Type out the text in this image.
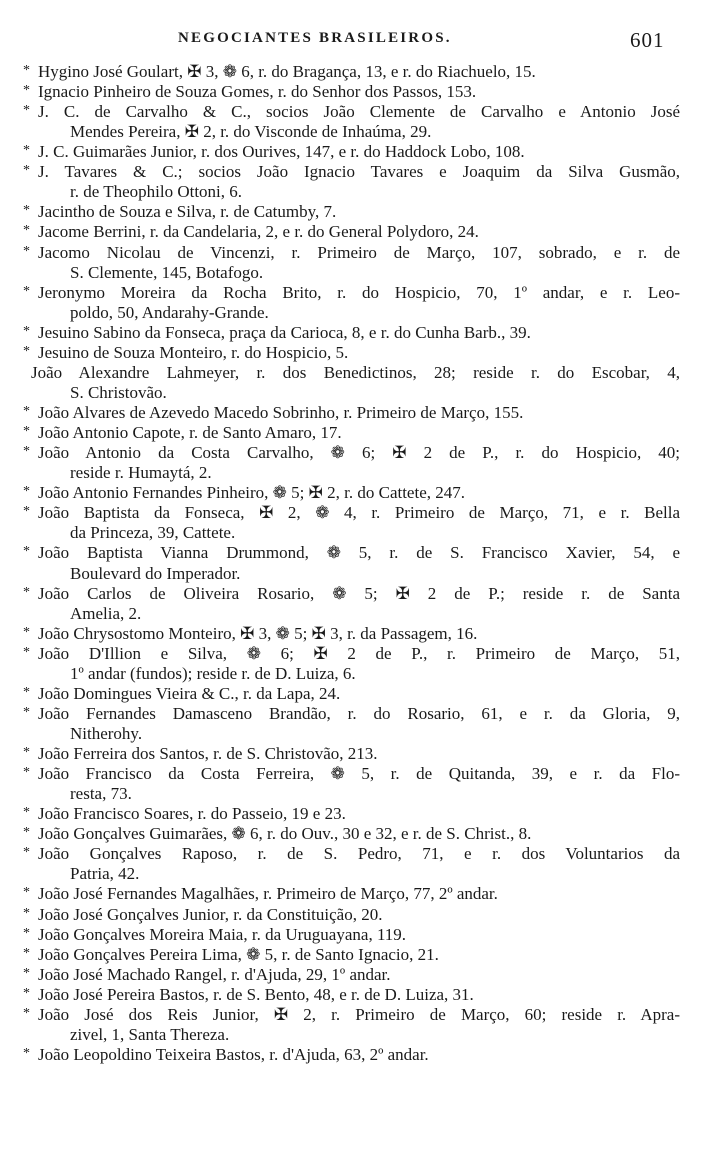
NEGOCIANTES BRASILEIROS.	601
* Hygino José Goulart, ✠ 3, ❁ 6, r. do Bragança, 13, e r. do Riachuelo, 15.
* Ignacio Pinheiro de Souza Gomes, r. do Senhor dos Passos, 153.
* J. C. de Carvalho & C., socios João Clemente de Carvalho e Antonio José
Mendes Pereira, ✠ 2, r. do Visconde de Inhaúma, 29.
* J. C. Guimarães Junior, r. dos Ourives, 147, e r. do Haddock Lobo, 108.
* J. Tavares & C.; socios João Ignacio Tavares e Joaquim da Silva Gusmão,
r. de Theophilo Ottoni, 6.
* Jacintho de Souza e Silva, r. de Catumby, 7.
* Jacome Berrini, r. da Candelaria, 2, e r. do General Polydoro, 24.
* Jacomo Nicolau de Vincenzi, r. Primeiro de Março, 107, sobrado, e r. de
S. Clemente, 145, Botafogo.
* Jeronymo Moreira da Rocha Brito, r. do Hospicio, 70, 1º andar, e r. Leo-
poldo, 50, Andarahy-Grande.
* Jesuino Sabino da Fonseca, praça da Carioca, 8, e r. do Cunha Barb., 39.
* Jesuino de Souza Monteiro, r. do Hospicio, 5.
João Alexandre Lahmeyer, r. dos Benedictinos, 28; reside r. do Escobar, 4,
S. Christovão.
* João Alvares de Azevedo Macedo Sobrinho, r. Primeiro de Março, 155.
* João Antonio Capote, r. de Santo Amaro, 17.
* João Antonio da Costa Carvalho, ❁ 6; ✠ 2 de P., r. do Hospicio, 40;
reside r. Humaytá, 2.
* João Antonio Fernandes Pinheiro, ❁ 5; ✠ 2, r. do Cattete, 247.
* João Baptista da Fonseca, ✠ 2, ❁ 4, r. Primeiro de Março, 71, e r. Bella
da Princeza, 39, Cattete.
* João Baptista Vianna Drummond, ❁ 5, r. de S. Francisco Xavier, 54, e
Boulevard do Imperador.
* João Carlos de Oliveira Rosario, ❁ 5; ✠ 2 de P.; reside r. de Santa
Amelia, 2.
* João Chrysostomo Monteiro, ✠ 3, ❁ 5; ✠ 3, r. da Passagem, 16.
* João D'Illion e Silva, ❁ 6; ✠ 2 de P., r. Primeiro de Março, 51,
1º andar (fundos); reside r. de D. Luiza, 6.
* João Domingues Vieira & C., r. da Lapa, 24.
* João Fernandes Damasceno Brandão, r. do Rosario, 61, e r. da Gloria, 9,
Nitherohy.
* João Ferreira dos Santos, r. de S. Christovão, 213.
* João Francisco da Costa Ferreira, ❁ 5, r. de Quitanda, 39, e r. da Flo-
resta, 73.
* João Francisco Soares, r. do Passeio, 19 e 23.
* João Gonçalves Guimarães, ❁ 6, r. do Ouv., 30 e 32, e r. de S. Christ., 8.
* João Gonçalves Raposo, r. de S. Pedro, 71, e r. dos Voluntarios da
Patria, 42.
* João José Fernandes Magalhães, r. Primeiro de Março, 77, 2º andar.
* João José Gonçalves Junior, r. da Constituição, 20.
* João Gonçalves Moreira Maia, r. da Uruguayana, 119.
* João Gonçalves Pereira Lima, ❁ 5, r. de Santo Ignacio, 21.
* João José Machado Rangel, r. d'Ajuda, 29, 1º andar.
* João José Pereira Bastos, r. de S. Bento, 48, e r. de D. Luiza, 31.
* João José dos Reis Junior, ✠ 2, r. Primeiro de Março, 60; reside r. Apra-
zivel, 1, Santa Thereza.
* João Leopoldino Teixeira Bastos, r. d'Ajuda, 63, 2º andar.
